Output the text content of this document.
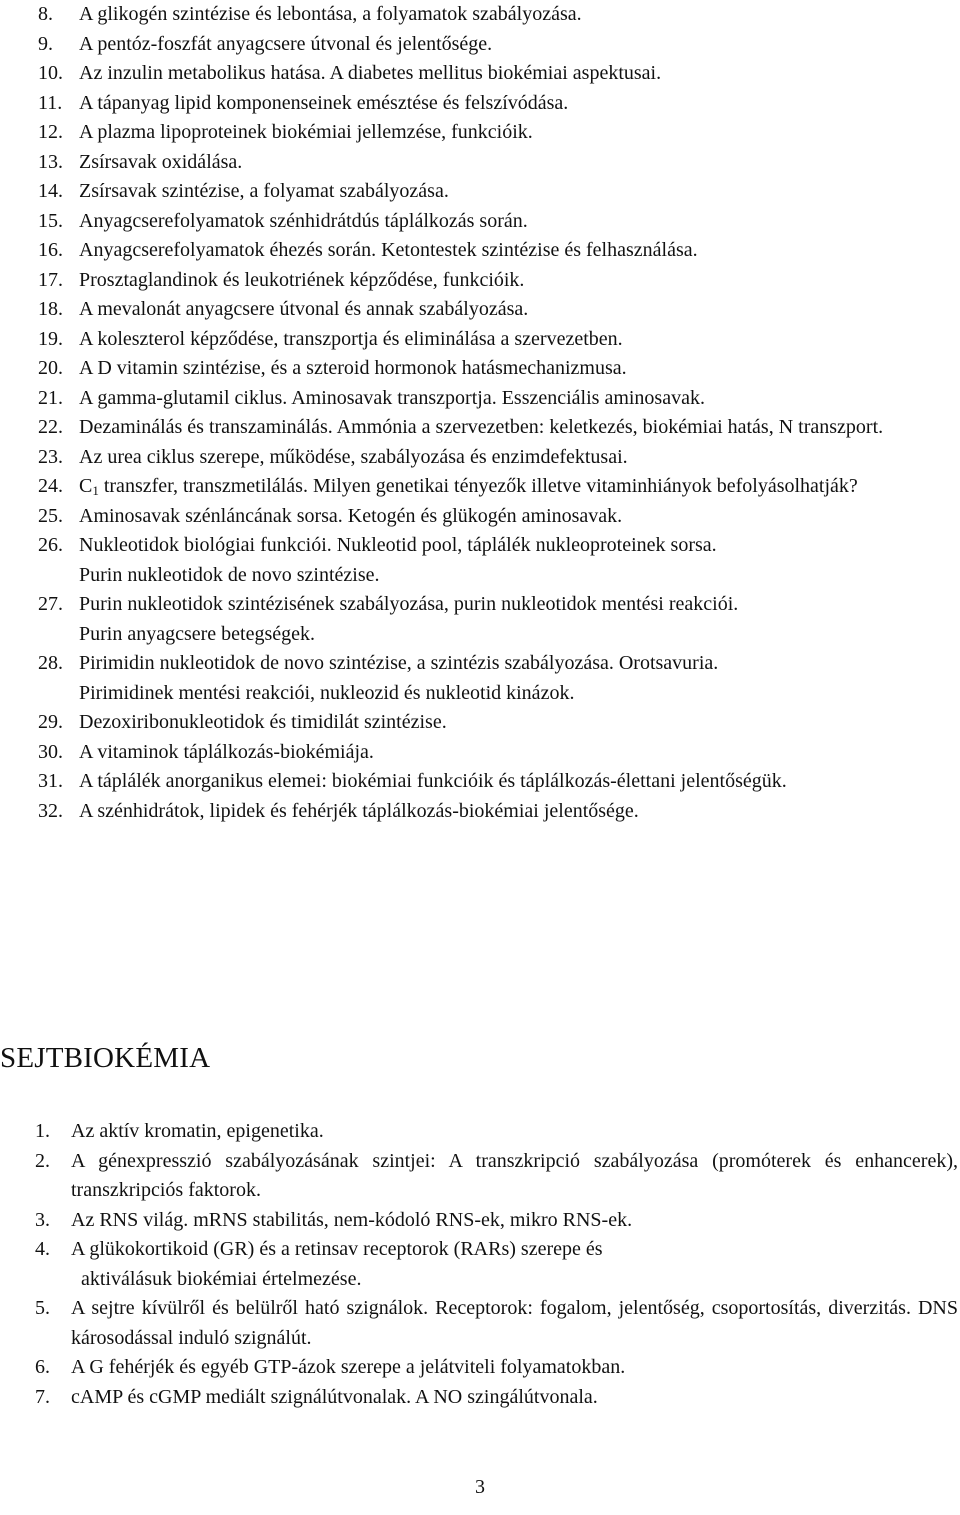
8. A glikogén szintézise és lebontása, a folyamatok szabályozása.
9. A pentóz-foszfát anyagcsere útvonal és jelentősége.
10. Az inzulin metabolikus hatása. A diabetes mellitus biokémiai aspektusai.
11. A tápanyag lipid komponenseinek emésztése és felszívódása.
12. A plazma lipoproteinek biokémiai jellemzése, funkcióik.
13. Zsírsavak oxidálása.
14. Zsírsavak szintézise, a folyamat szabályozása.
15. Anyagcserefolyamatok szénhidrátdús táplálkozás során.
16. Anyagcserefolyamatok éhezés során. Ketontestek szintézise és felhasználása.
17. Prosztaglandinok és leukotriének képződése, funkcióik.
18. A mevalonát anyagcsere útvonal és annak szabályozása.
19. A koleszterol képződése, transzportja és eliminálása a szervezetben.
20. A D vitamin szintézise, és a szteroid hormonok hatásmechanizmusa.
21. A gamma-glutamil ciklus. Aminosavak transzportja. Esszenciális aminosavak.
22. Dezaminálás és transzaminálás. Ammónia a szervezetben: keletkezés, biokémiai hatás, N transzport.
23. Az urea ciklus szerepe, működése, szabályozása és enzimdefektusai.
24. $C_1$ transzfer, transzmetilálás. Milyen genetikai tényezők illetve vitaminhiányok befolyásolhatják?
25. Aminosavak szénláncának sorsa. Ketogén és glükogén aminosavak.
26. Nukleotidok biológiai funkciói. Nukleotid pool, táplálék nukleoproteinek sorsa.
Purin nukleotidok de novo szintézise.
27. Purin nukleotidok szintézisének szabályozása, purin nukleotidok mentési reakciói.
Purin anyagcsere betegségek.
28. Pirimidin nukleotidok de novo szintézise, a szintézis szabályozása. Orotsavuria.
Pirimidinek mentési reakciói, nukleozid és nukleotid kinázok.
29. Dezoxiribonukleotidok és timidilát szintézise.
30. A vitaminok táplálkozás-biokémiája.
31. A táplálék anorganikus elemei: biokémiai funkcióik és táplálkozás-élettani jelentőségük.
32. A szénhidrátok, lipidek és fehérjék táplálkozás-biokémiai jelentősége.
SEJTBIOKÉMIA
1. Az aktív kromatin, epigenetika.
2. A génexpresszió szabályozásának szintjei: A transzkripció szabályozása (promóterek és enhancerek), transzkripciós faktorok.
3. Az RNS világ. mRNS stabilitás, nem-kódoló RNS-ek, mikro RNS-ek.
4. A glükokortikoid (GR) és a retinsav receptorok (RARs) szerepe és
aktiválásuk biokémiai értelmezése.
5. A sejtre kívülről és belülről ható szignálok. Receptorok: fogalom, jelentőség, csoportosítás, diverzitás. DNS károsodással induló szignálút.
6. A G fehérjék és egyéb GTP-ázok szerepe a jelátviteli folyamatokban.
7. cAMP és cGMP mediált szignálútvonalak. A NO szingálútvonala.
3
